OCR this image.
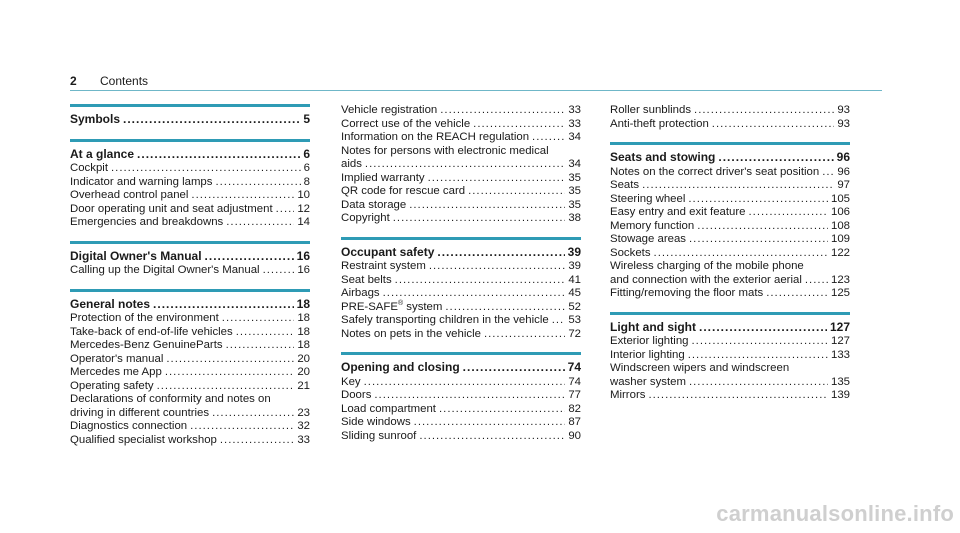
2 Contents
Symbols .....	5
At a glance .....	6
Cockpit .....	6
Indicator and warning lamps .....	8
Overhead control panel .....	10
Door operating unit and seat adjustment ..... 12
Emergencies and breakdowns .....	14
Digital Owner's Manual .....	16
Calling up the Digital Owner's Manual .....	16
General notes .....	18
Protection of the environment .....	18
Take-back of end-of-life vehicles .....	18
Mercedes-Benz GenuineParts .....	18
Operator's manual .....	20
Mercedes me App .....	20
Operating safety .....	21
Declarations of conformity and notes on
driving in different countries .....	23
Diagnostics connection .....	32
Qualified specialist workshop .....	33
Vehicle registration .....	33
Correct use of the vehicle .....	33
Information on the REACH regulation .....	34
Notes for persons with electronic medical
aids .....	34
Implied warranty .....	35
QR code for rescue card .....	35
Data storage .....	35
Copyright .....	38
Occupant safety .....	39
Restraint system .....	39
Seat belts .....	41
Airbags .....	45
PRE-SAFE® system .....	52
Safely transporting children in the vehicle ..... 53
Notes on pets in the vehicle .....	72
Opening and closing .....	74
Key .....	74
Doors .....	77
Load compartment .....	82
Side windows .....	87
Sliding sunroof .....	90
Roller sunblinds .....	93
Anti-theft protection .....	93
Seats and stowing .....	96
Notes on the correct driver's seat position ..... 96
Seats .....	97
Steering wheel .....	105
Easy entry and exit feature .....	106
Memory function .....	108
Stowage areas .....	109
Sockets .....	122
Wireless charging of the mobile phone
and connection with the exterior aerial .....	123
Fitting/removing the floor mats .....	125
Light and sight .....	127
Exterior lighting .....	127
Interior lighting .....	133
Windscreen wipers and windscreen
washer system .....	135
Mirrors .....	139
carmanualsonline.info
